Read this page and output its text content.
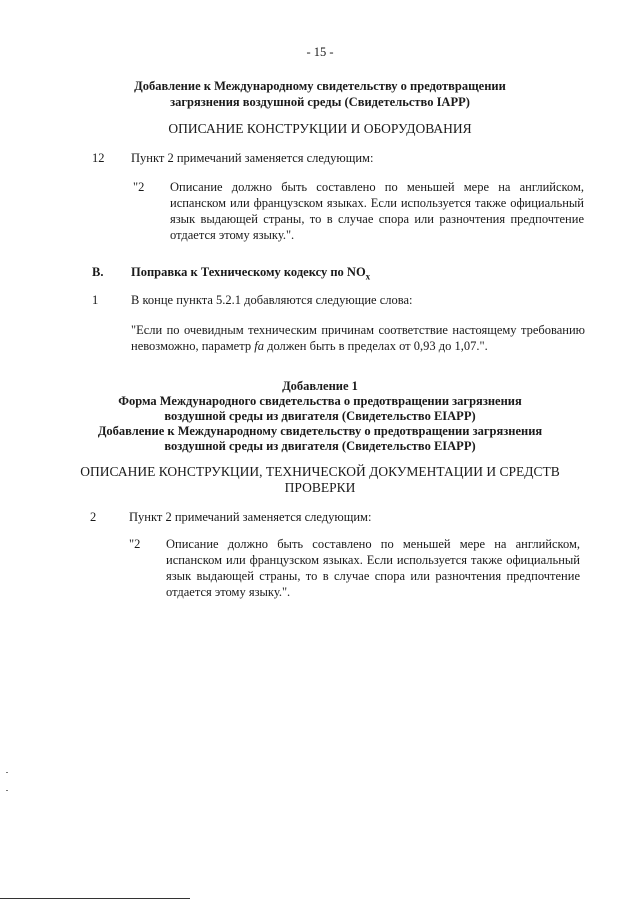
- 15 -
Добавление к Международному свидетельству о предотвращении
загрязнения воздушной среды (Свидетельство IAPP)
ОПИСАНИЕ КОНСТРУКЦИИ И ОБОРУДОВАНИЯ
12 Пункт 2 примечаний заменяется следующим:
"2 Описание должно быть составлено по меньшей мере на английском,
испанском или французском языках. Если используется также официальный
язык выдающей страны, то в случае спора или разночтения предпочтение
отдается этому языку.".
B. Поправка к Техническому кодексу по $NO_x$
1	В конце пункта 5.2.1 добавляются следующие слова:
"Если по очевидным техническим причинам соответствие настоящему требованию
невозможно, параметр fa должен быть в пределах от 0,93 до 1,07.".
Добавление 1
Форма Международного свидетельства о предотвращении загрязнения
воздушной среды из двигателя (Свидетельство EIAPP)
Добавление к Международному свидетельству о предотвращении загрязнения
воздушной среды из двигателя (Свидетельство EIAPP)
ОПИСАНИЕ КОНСТРУКЦИИ, ТЕХНИЧЕСКОЙ ДОКУМЕНТАЦИИ И СРЕДСТВ
ПРОВЕРКИ
2	Пункт 2 примечаний заменяется следующим:
"2 Описание должно быть составлено по меньшей мере на английском,
испанском или французском языках. Если используется также официальный
язык выдающей страны, то в случае спора или разночтения предпочтение
отдается этому языку.".
